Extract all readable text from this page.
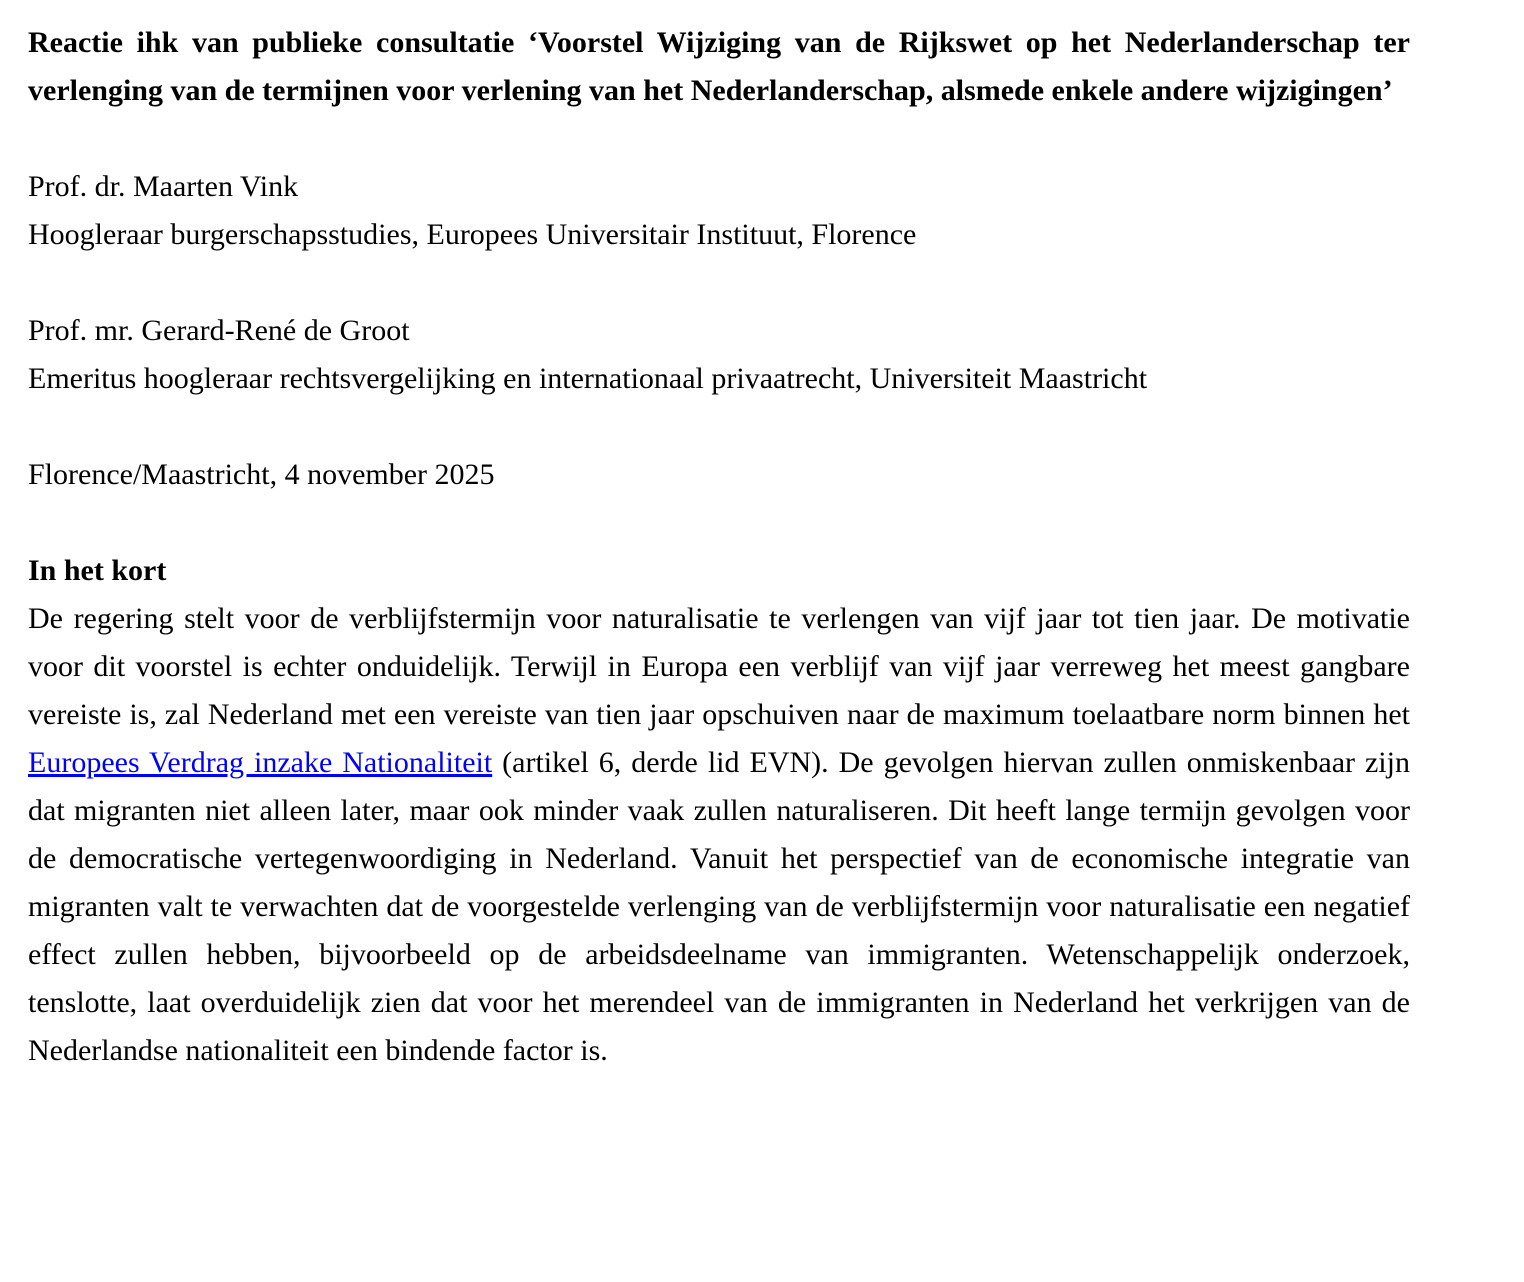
Reactie ihk van publieke consultatie ‘Voorstel Wijziging van de Rijkswet op het Nederlanderschap ter verlenging van de termijnen voor verlening van het Nederlanderschap, alsmede enkele andere wijzigingen’

Prof. dr. Maarten Vink

Hoogleraar burgerschapsstudies, Europees Universitair Instituut, Florence

Prof. mr. Gerard-René de Groot

Emeritus hoogleraar rechtsvergelijking en internationaal privaatrecht, Universiteit Maastricht

Florence/Maastricht, 4 november 2025

In het kort

De regering stelt voor de verblijfstermijn voor naturalisatie te verlengen van vijf jaar tot tien jaar. De motivatie voor dit voorstel is echter onduidelijk. Terwijl in Europa een verblijf van vijf jaar verreweg het meest gangbare vereiste is, zal Nederland met een vereiste van tien jaar opschuiven naar de maximum toelaatbare norm binnen het Europees Verdrag inzake Nationaliteit (artikel 6, derde lid EVN). De gevolgen hiervan zullen onmiskenbaar zijn dat migranten niet alleen later, maar ook minder vaak zullen naturaliseren. Dit heeft lange termijn gevolgen voor de democratische vertegenwoordiging in Nederland. Vanuit het perspectief van de economische integratie van migranten valt te verwachten dat de voorgestelde verlenging van de verblijfstermijn voor naturalisatie een negatief effect zullen hebben, bijvoorbeeld op de arbeidsdeelname van immigranten. Wetenschappelijk onderzoek, tenslotte, laat overduidelijk zien dat voor het merendeel van de immigranten in Nederland het verkrijgen van de Nederlandse nationaliteit een bindende factor is.
